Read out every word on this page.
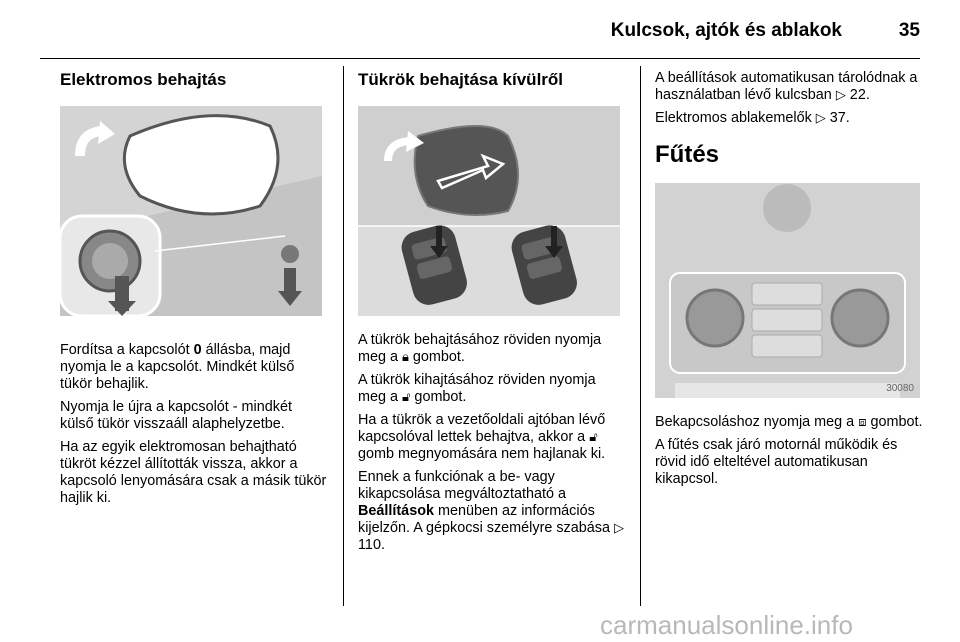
Kulcsok, ajtók és ablakok	35
Elektromos behajtás

Fordítsa a kapcsolót 0 állásba, majd nyomja le a kapcsolót. Mindkét külső tükör behajlik.

Nyomja le újra a kapcsolót - mindkét külső tükör visszaáll alaphelyzetbe.

Ha az egyik elektromosan behajtható tükröt kézzel állították vissza, akkor a kapcsoló lenyomására csak a másik tükör hajlik ki.

Tükrök behajtása kívülről

A tükrök behajtásához röviden nyomja meg a 🔒︎ gombot.

A tükrök kihajtásához röviden nyomja meg a 🔓︎ gombot.

Ha a tükrök a vezetőoldali ajtóban lévő kapcsolóval lettek behajtva, akkor a 🔓︎ gomb megnyomására nem hajlanak ki.

Ennek a funkciónak a be- vagy kikapcsolása megváltoztatható a Beállítások menüben az információs kijelzőn. A gépkocsi személyre szabása ▷ 110.

A beállítások automatikusan tárolódnak a használatban lévő kulcsban ▷ 22.

Elektromos ablakemelők ▷ 37.

Fűtés
30080

Bekapcsoláshoz nyomja meg a ⧈ gombot.

A fűtés csak járó motornál működik és rövid idő elteltével automatikusan kikapcsol.

carmanualsonline.info
